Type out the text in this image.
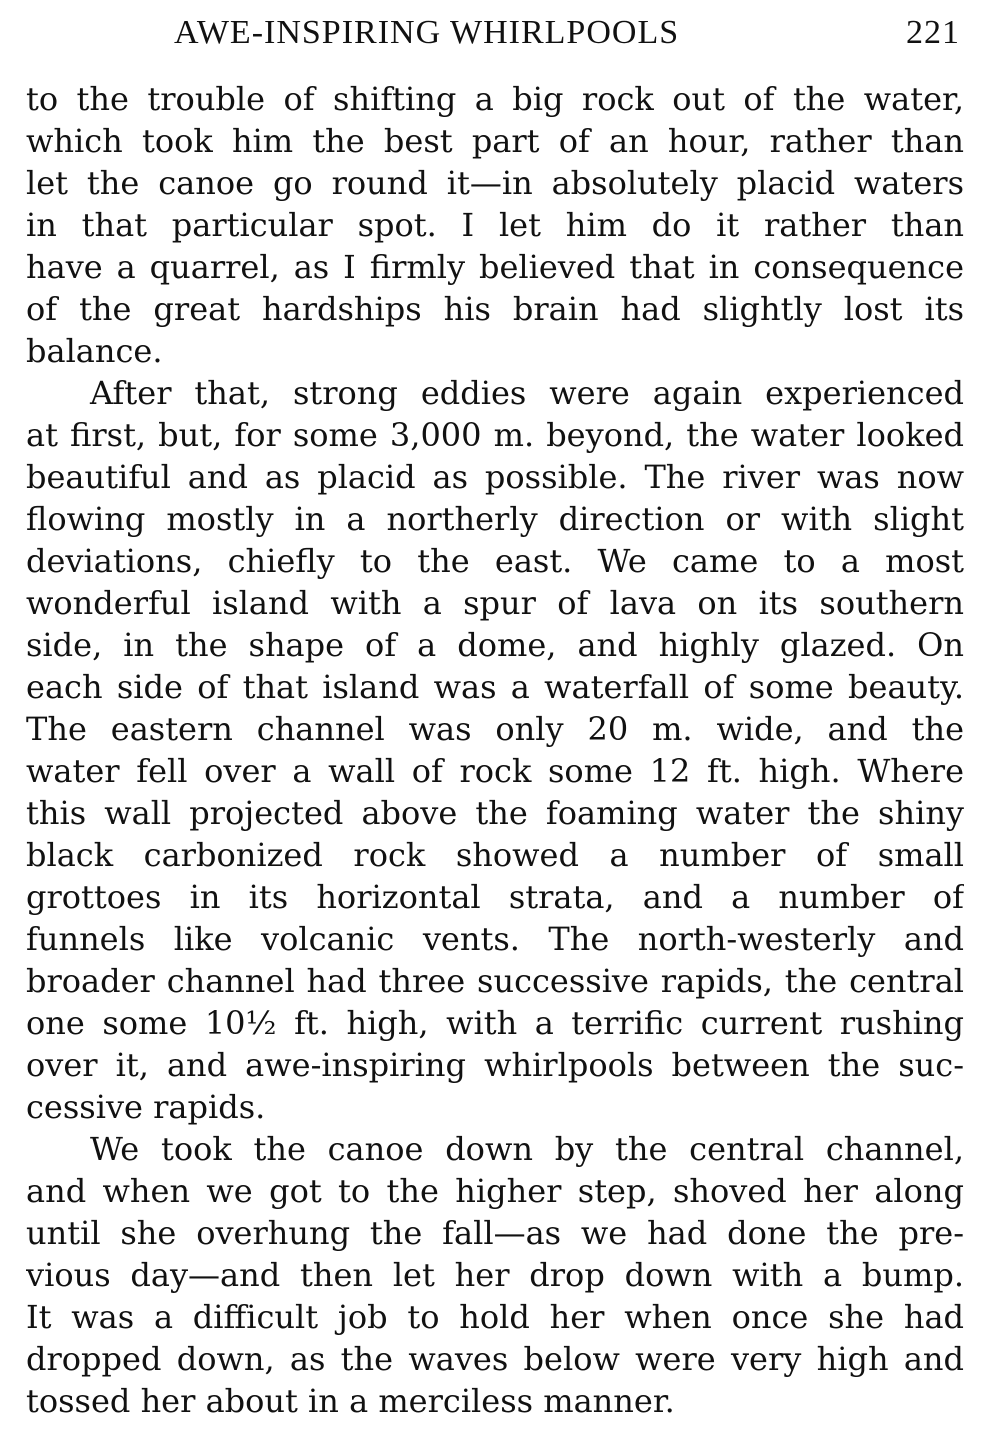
AWE-INSPIRING WHIRLPOOLS	221
to the trouble of shifting a big rock out of the water,
which took him the best part of an hour, rather than
let the canoe go round it—in absolutely placid waters
in that particular spot. I let him do it rather than
have a quarrel, as I firmly believed that in consequence
of the great hardships his brain had slightly lost its
balance.
After that, strong eddies were again experienced
at first, but, for some 3,000 m. beyond, the water looked
beautiful and as placid as possible. The river was now
flowing mostly in a northerly direction or with slight
deviations, chiefly to the east. We came to a most
wonderful island with a spur of lava on its southern
side, in the shape of a dome, and highly glazed. On
each side of that island was a waterfall of some beauty.
The eastern channel was only 20 m. wide, and the
water fell over a wall of rock some 12 ft. high. Where
this wall projected above the foaming water the shiny
black carbonized rock showed a number of small
grottoes in its horizontal strata, and a number of
funnels like volcanic vents. The north-westerly and
broader channel had three successive rapids, the central
one some 10½ ft. high, with a terrific current rushing
over it, and awe-inspiring whirlpools between the suc-
cessive rapids.
We took the canoe down by the central channel,
and when we got to the higher step, shoved her along
until she overhung the fall—as we had done the pre-
vious day—and then let her drop down with a bump.
It was a difficult job to hold her when once she had
dropped down, as the waves below were very high and
tossed her about in a merciless manner.
